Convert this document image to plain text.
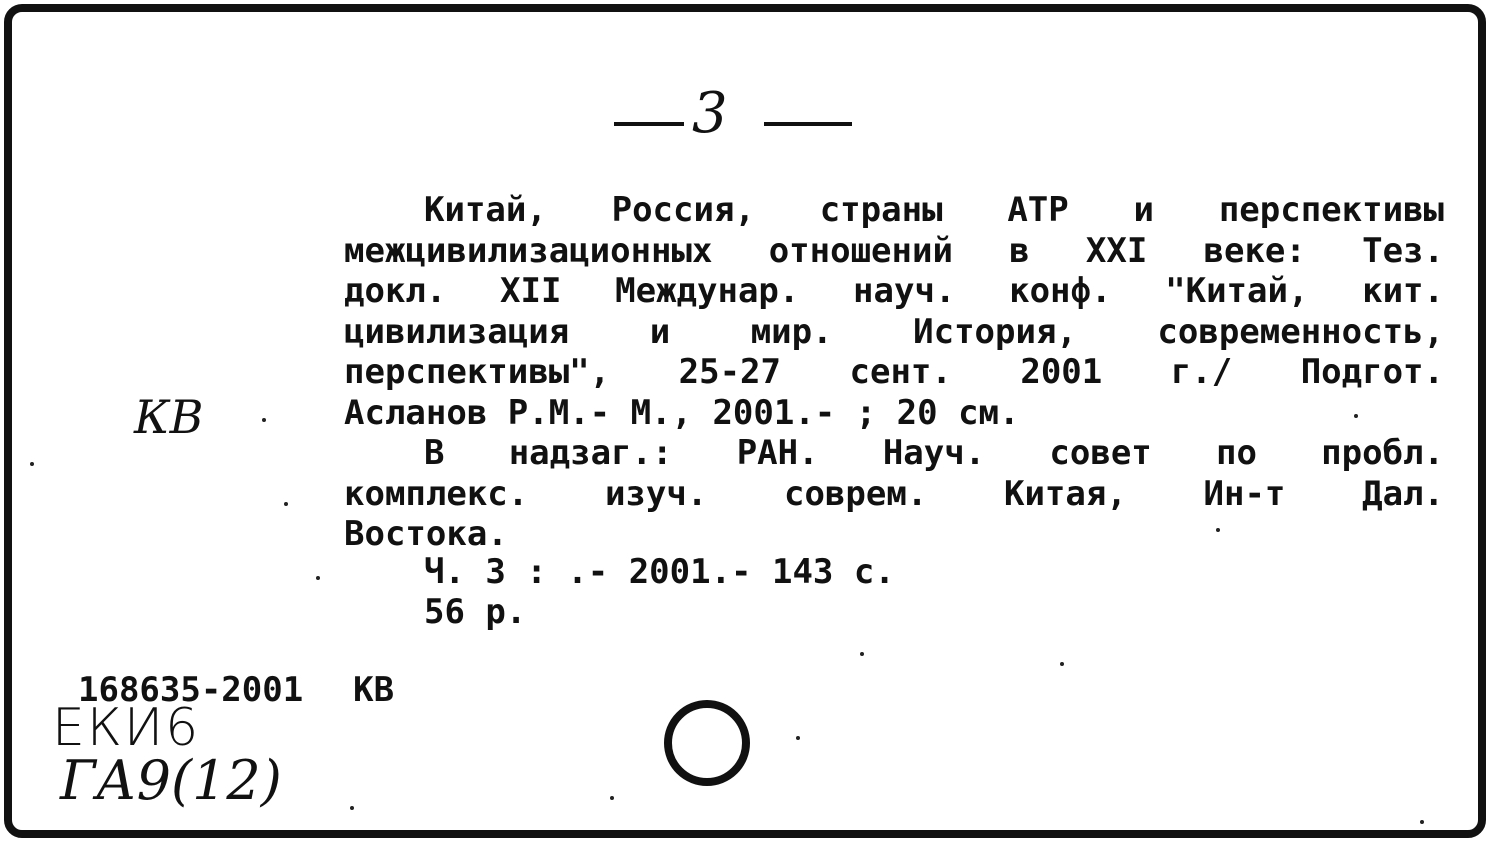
3
КВ
Китай, Россия, страны АТР и перспективы
межцивилизационных отношений в XXI веке: Тез.
докл. XII Междунар. науч. конф. "Китай, кит.
цивилизация и мир. История, современность,
перспективы", 25-27 сент. 2001 г./ Подгот.
Асланов Р.М.- М., 2001.- ; 20 см.
В надзаг.: РАН. Науч. совет по пробл.
комплекс. изуч. соврем. Китая, Ин-т Дал.
Востока.
Ч. 3 : .- 2001.- 143 с.
56 р.
168635-2001 КВ
ЕКИ6
ГА9(12)
